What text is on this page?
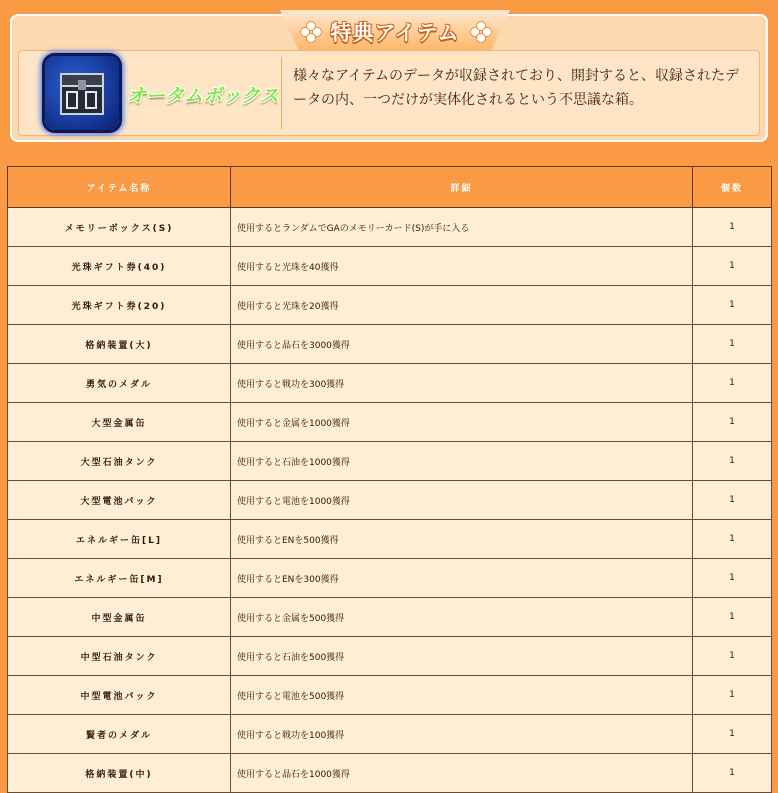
特典アイテム
オータムボックス
様々なアイテムのデータが収録されており、開封すると、収録されたデータの内、一つだけが実体化されるという不思議な箱。
アイテム名称	詳細	個数
メモリーボックス(S)	使用するとランダムでGAのメモリーカード(S)が手に入る	1
光珠ギフト券(40)	使用すると光珠を40獲得	1
光珠ギフト券(20)	使用すると光珠を20獲得	1
格納装置(大)	使用すると晶石を3000獲得	1
勇気のメダル	使用すると戦功を300獲得	1
大型金属缶	使用すると金属を1000獲得	1
大型石油タンク	使用すると石油を1000獲得	1
大型電池パック	使用すると電池を1000獲得	1
エネルギー缶[L]	使用するとENを500獲得	1
エネルギー缶[M]	使用するとENを300獲得	1
中型金属缶	使用すると金属を500獲得	1
中型石油タンク	使用すると石油を500獲得	1
中型電池パック	使用すると電池を500獲得	1
賢者のメダル	使用すると戦功を100獲得	1
格納装置(中)	使用すると晶石を1000獲得	1
